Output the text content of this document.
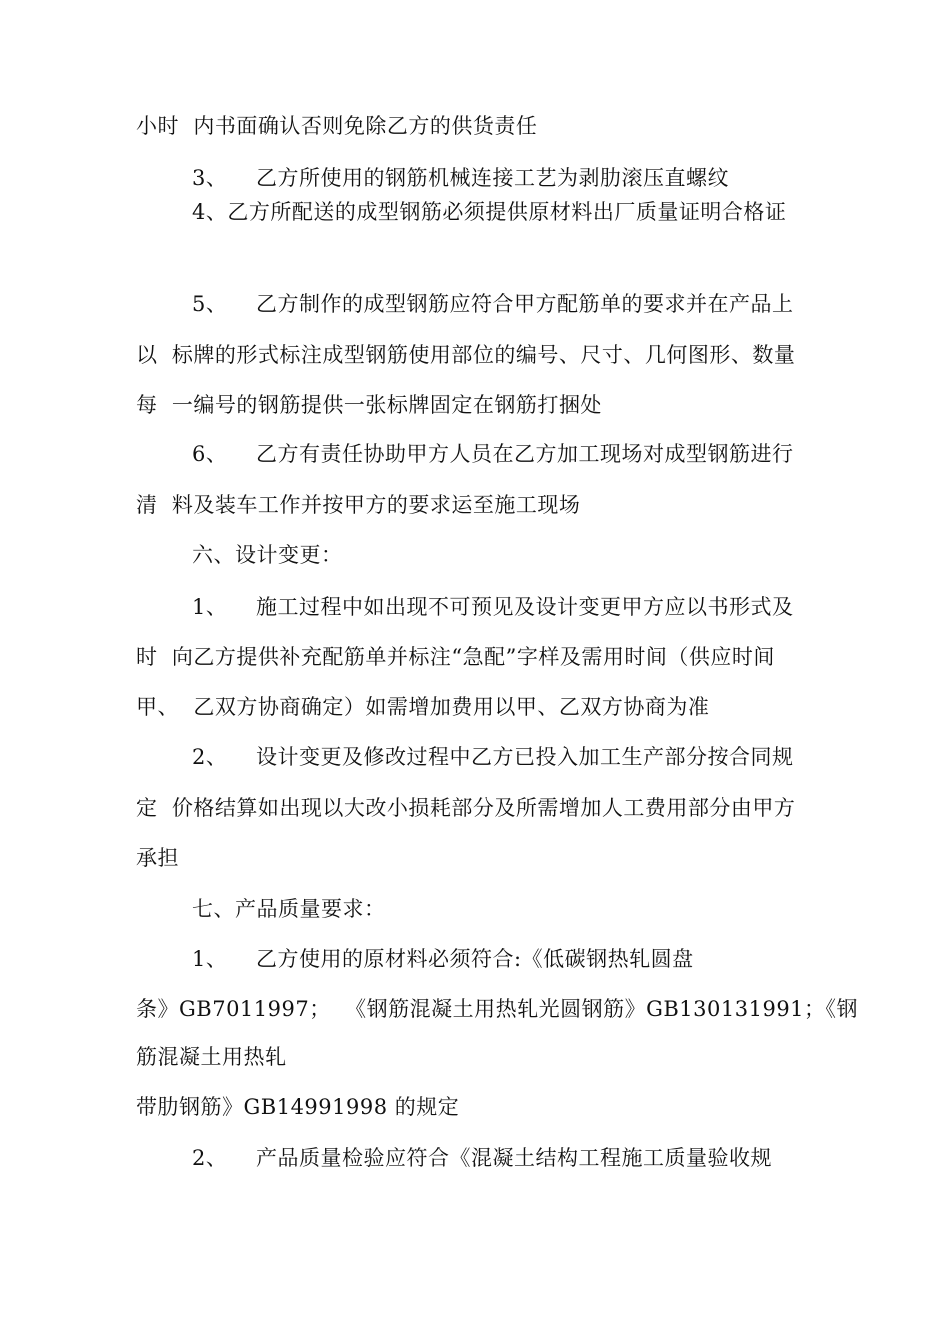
小时  内书面确认否则免除乙方的供货责任
3、    乙方所使用的钢筋机械连接工艺为剥肋滚压直螺纹
4、乙方所配送的成型钢筋必须提供原材料出厂质量证明合格证
5、    乙方制作的成型钢筋应符合甲方配筋单的要求并在产品上
以  标牌的形式标注成型钢筋使用部位的编号、尺寸、几何图形、数量
每  一编号的钢筋提供一张标牌固定在钢筋打捆处
6、    乙方有责任协助甲方人员在乙方加工现场对成型钢筋进行
清  料及装车工作并按甲方的要求运至施工现场
六、设计变更：
1、    施工过程中如出现不可预见及设计变更甲方应以书形式及
时  向乙方提供补充配筋单并标注“急配”字样及需用时间（供应时间
甲、  乙双方协商确定）如需增加费用以甲、乙双方协商为准
2、    设计变更及修改过程中乙方已投入加工生产部分按合同规
定  价格结算如出现以大改小损耗部分及所需增加人工费用部分由甲方
承担
七、产品质量要求：
1、    乙方使用的原材料必须符合:《低碳钢热轧圆盘
条》GB7011997；  《钢筋混凝土用热轧光圆钢筋》GB130131991；《钢
筋混凝土用热轧
带肋钢筋》GB14991998 的规定
2、    产品质量检验应符合《混凝土结构工程施工质量验收规
